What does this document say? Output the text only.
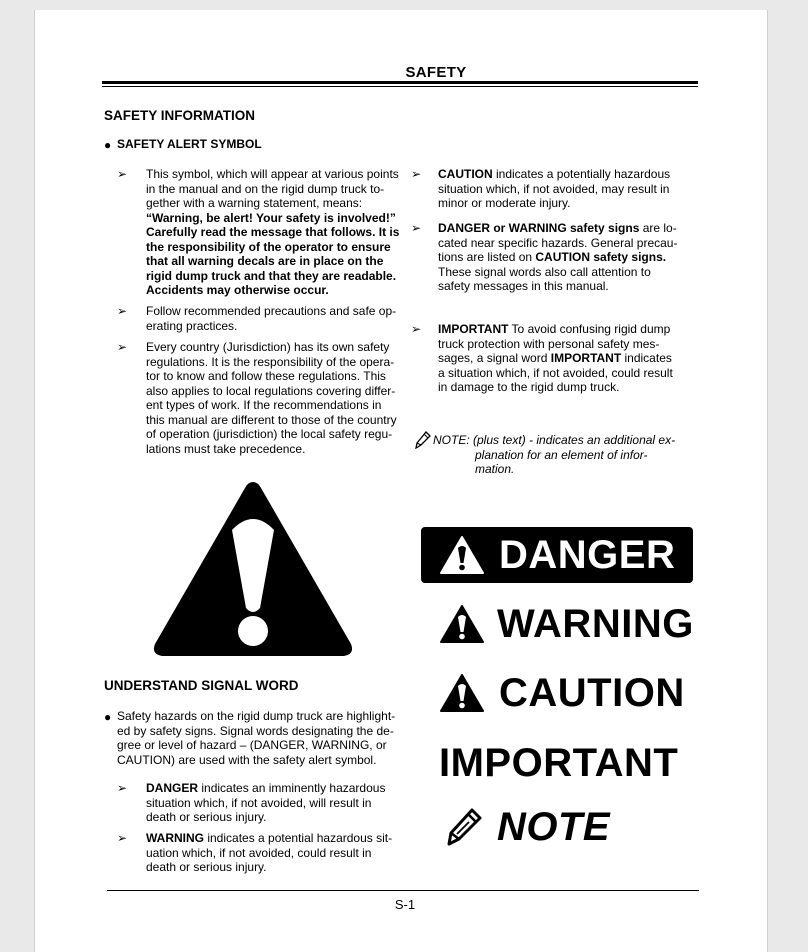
SAFETY
SAFETY INFORMATION
● SAFETY ALERT SYMBOL
➢ This symbol, which will appear at various points
in the manual and on the rigid dump truck to-
gether with a warning statement, means:
“Warning, be alert! Your safety is involved!”
Carefully read the message that follows. It is
the responsibility of the operator to ensure
that all warning decals are in place on the
rigid dump truck and that they are readable.
Accidents may otherwise occur.
➢ Follow recommended precautions and safe op-
erating practices.
➢ Every country (Jurisdiction) has its own safety
regulations. It is the responsibility of the opera-
tor to know and follow these regulations. This
also applies to local regulations covering differ-
ent types of work. If the recommendations in
this manual are different to those of the country
of operation (jurisdiction) the local safety regu-
lations must take precedence.
UNDERSTAND SIGNAL WORD
● Safety hazards on the rigid dump truck are highlight-
ed by safety signs. Signal words designating the de-
gree or level of hazard – (DANGER, WARNING, or
CAUTION) are used with the safety alert symbol.
➢ DANGER indicates an imminently hazardous
situation which, if not avoided, will result in
death or serious injury.
➢ WARNING indicates a potential hazardous sit-
uation which, if not avoided, could result in
death or serious injury.
➢ CAUTION indicates a potentially hazardous
situation which, if not avoided, may result in
minor or moderate injury.
➢ DANGER or WARNING safety signs are lo-
cated near specific hazards. General precau-
tions are listed on CAUTION safety signs.
These signal words also call attention to
safety messages in this manual.
➢ IMPORTANT To avoid confusing rigid dump
truck protection with personal safety mes-
sages, a signal word IMPORTANT indicates
a situation which, if not avoided, could result
in damage to the rigid dump truck.
NOTE: (plus text) - indicates an additional ex-
planation for an element of infor-
mation.
DANGER
WARNING
CAUTION
IMPORTANT
NOTE
S-1
